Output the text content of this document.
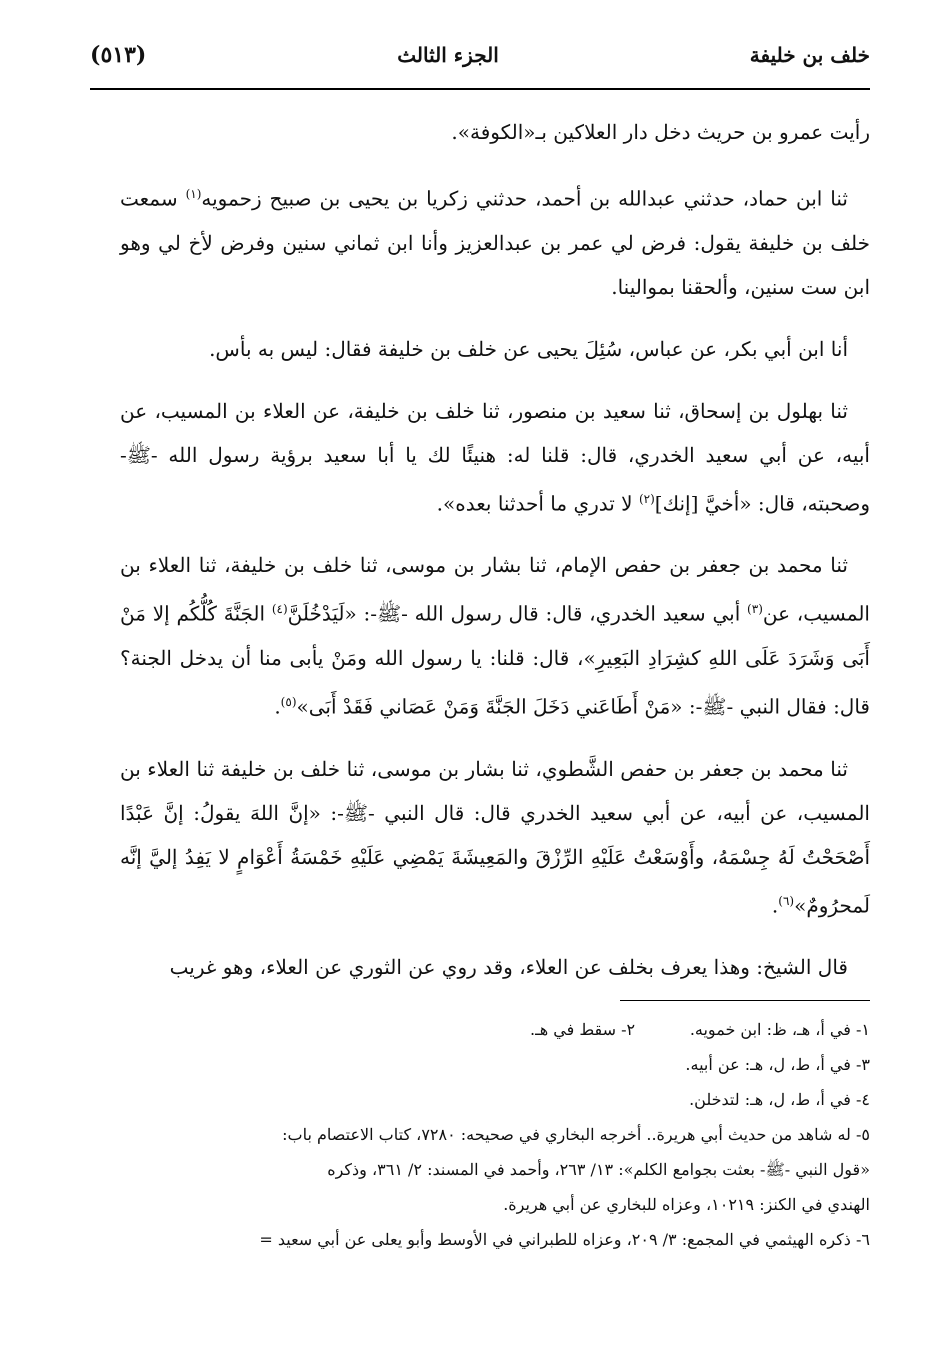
خلف بن خليفة
الجزء الثالث
(٥١٣)

رأيت عمرو بن حريث دخل دار العلاكين بـ«الكوفة».

ثنا ابن حماد، حدثني عبدالله بن أحمد، حدثني زكريا بن يحيى بن صبيح زحمويه$^{(١)}$ سمعت خلف بن خليفة يقول: فرض لي عمر بن عبدالعزيز وأنا ابن ثماني سنين وفرض لأخ لي وهو ابن ست سنين، وألحقنا بموالينا.

أنا ابن أبي بكر، عن عباس، سُئِلَ يحيى عن خلف بن خليفة فقال: ليس به بأس.

ثنا بهلول بن إسحاق، ثنا سعيد بن منصور، ثنا خلف بن خليفة، عن العلاء بن المسيب، عن أبيه، عن أبي سعيد الخدري، قال: قلنا له: هنيئًا لك يا أبا سعيد برؤية رسول الله -ﷺ- وصحبته، قال: «أخيَّ [إنك]$^{(٢)}$ لا تدري ما أحدثنا بعده».

ثنا محمد بن جعفر بن حفص الإمام، ثنا بشار بن موسى، ثنا خلف بن خليفة، ثنا العلاء بن المسيب، عن$^{(٣)}$ أبي سعيد الخدري، قال: قال رسول الله -ﷺ-: «لَيَدْخُلَنَّ$^{(٤)}$ الجَنَّةَ كُلُّكُم إلا مَنْ أَبَى وَشَرَدَ عَلَى اللهِ كشِرَادِ البَعِيرِ»، قال: قلنا: يا رسول الله ومَنْ يأبى منا أن يدخل الجنة؟ قال: فقال النبي -ﷺ-: «مَنْ أَطَاعَني دَخَلَ الجَنَّةَ وَمَنْ عَصَاني فَقَدْ أَبَى»$^{(٥)}$.

ثنا محمد بن جعفر بن حفص الشَّطوي، ثنا بشار بن موسى، ثنا خلف بن خليفة ثنا العلاء بن المسيب، عن أبيه، عن أبي سعيد الخدري قال: قال النبي -ﷺ-: «إنَّ اللهَ يقولُ: إنَّ عَبْدًا أَصْحَحْتُ لَهُ جِسْمَهُ، وأَوْسَعْتُ عَلَيْهِ الرِّزْقَ والمَعِيشَةَ يَمْضِي عَلَيْهِ خَمْسَةُ أَعْوَامٍ لا يَفِدُ إليَّ إنَّه لَمحرُومٌ»$^{(٦)}$.

قال الشيخ: وهذا يعرف بخلف عن العلاء، وقد روي عن الثوري عن العلاء، وهو غريب

١- في أ، هـ، ظ: ابن خمويه.
٢- سقط في هـ.

٣- في أ، ط، ل، هـ: عن أبيه.

٤- في أ، ط، ل، هـ: لتدخلن.

٥- له شاهد من حديث أبي هريرة.. أخرجه البخاري في صحيحه: ٧٢٨٠، كتاب الاعتصام باب:

«قول النبي -ﷺ- بعثت بجوامع الكلم»: ١٣/ ٢٦٣، وأحمد في المسند: ٢/ ٣٦١، وذكره

الهندي في الكنز: ١٠٢١٩، وعزاه للبخاري عن أبي هريرة.

٦- ذكره الهيثمي في المجمع: ٣/ ٢٠٩، وعزاه للطبراني في الأوسط وأبو يعلى عن أبي سعيد =
